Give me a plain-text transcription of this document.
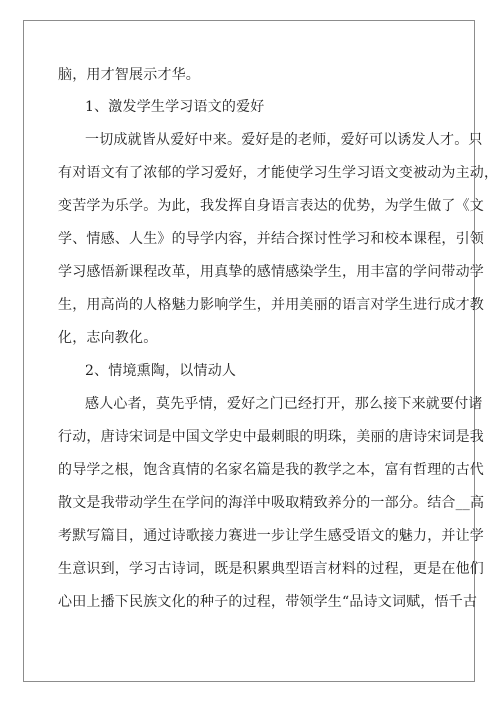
脑，用才智展示才华。
1、激发学生学习语文的爱好
一切成就皆从爱好中来。爱好是的老师，爱好可以诱发人才。只
有对语文有了浓郁的学习爱好，才能使学习生学习语文变被动为主动，
变苦学为乐学。为此，我发挥自身语言表达的优势，为学生做了《文
学、情感、人生》的导学内容，并结合探讨性学习和校本课程，引领
学习感悟新课程改革，用真挚的感情感染学生，用丰富的学问带动学
生，用高尚的人格魅力影响学生，并用美丽的语言对学生进行成才教
化，志向教化。
2、情境熏陶，以情动人
感人心者，莫先乎情，爱好之门已经打开，那么接下来就要付诸
行动，唐诗宋词是中国文学史中最刺眼的明珠，美丽的唐诗宋词是我
的导学之根，饱含真情的名家名篇是我的教学之本，富有哲理的古代
散文是我带动学生在学问的海洋中吸取精致养分的一部分。结合__高
考默写篇目，通过诗歌接力赛进一步让学生感受语文的魅力，并让学
生意识到，学习古诗词，既是积累典型语言材料的过程，更是在他们
心田上播下民族文化的种子的过程，带领学生“品诗文词赋，悟千古
